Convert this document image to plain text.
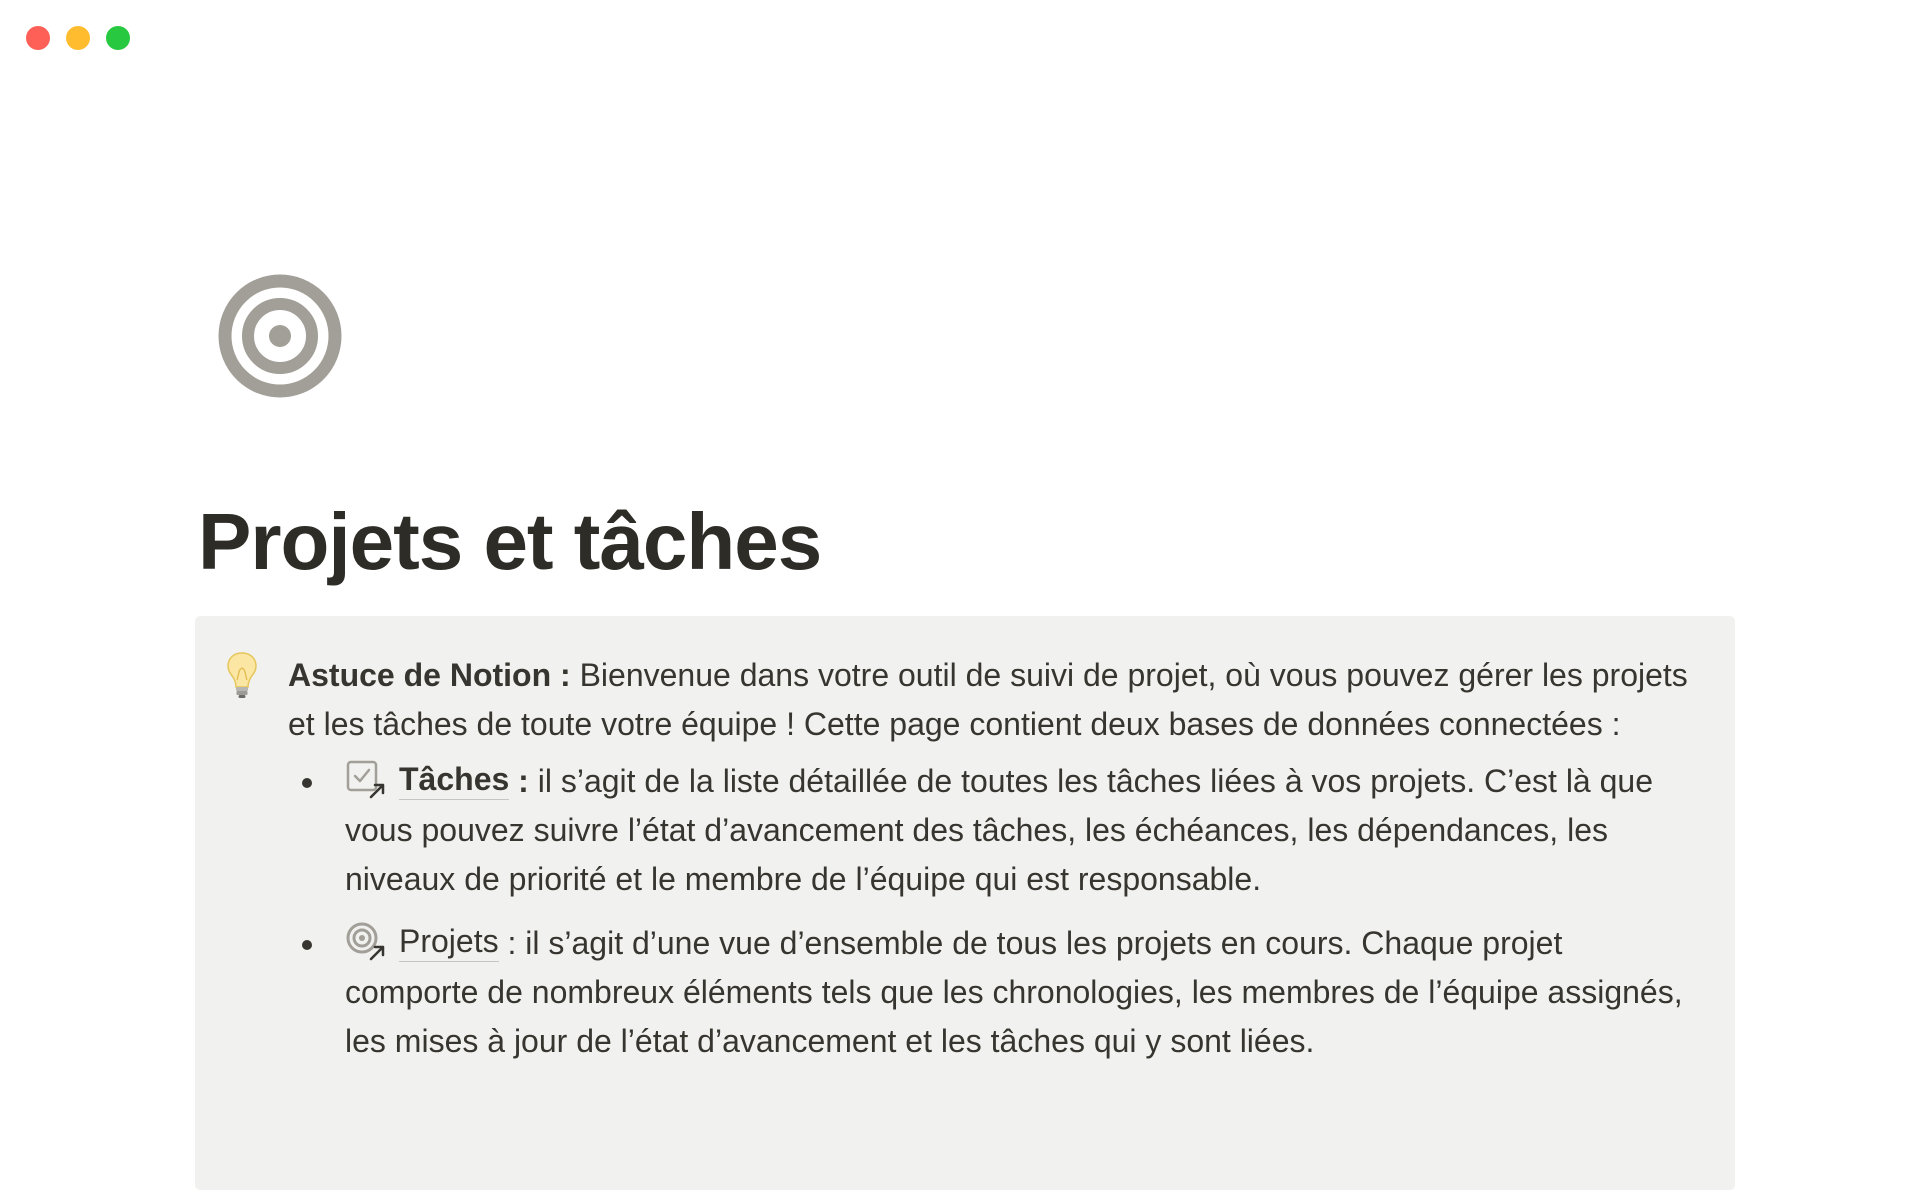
Projets et tâches

Astuce de Notion : Bienvenue dans votre outil de suivi de projet, où vous pouvez gérer les projets et les tâches de toute votre équipe ! Cette page contient deux bases de données connectées :

Tâches : il s’agit de la liste détaillée de toutes les tâches liées à vos projets. C’est là que vous pouvez suivre l’état d’avancement des tâches, les échéances, les dépendances, les niveaux de priorité et le membre de l’équipe qui est responsable.
Projets : il s’agit d’une vue d’ensemble de tous les projets en cours. Chaque projet comporte de nombreux éléments tels que les chronologies, les membres de l’équipe assignés, les mises à jour de l’état d’avancement et les tâches qui y sont liées.
